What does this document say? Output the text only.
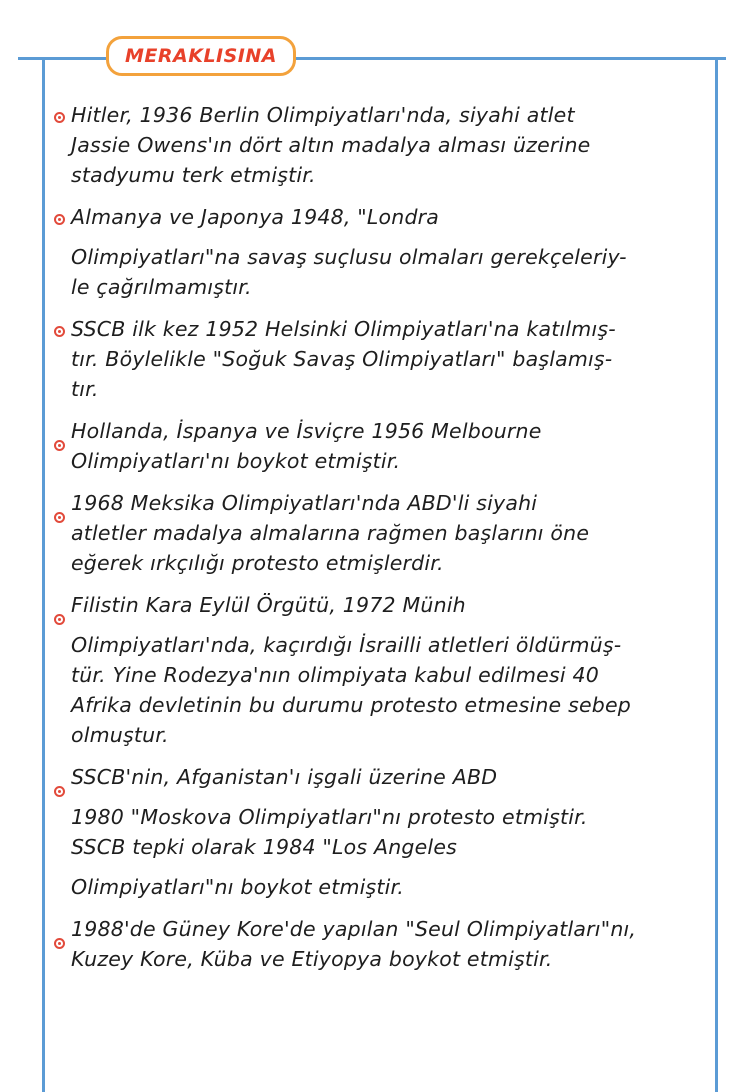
MERAKLISINA

Hitler, 1936 Berlin Olimpiyatları'nda, siyahi atlet

Jassie Owens'ın dört altın madalya alması üzerine

stadyumu terk etmiştir.

Almanya ve Japonya 1948, "Londra

Olimpiyatları"na savaş suçlusu olmaları gerekçeleriy-

le çağrılmamıştır.

SSCB ilk kez 1952 Helsinki Olimpiyatları'na katılmış-

tır. Böylelikle "Soğuk Savaş Olimpiyatları" başlamış-

tır.

Hollanda, İspanya ve İsviçre 1956 Melbourne

Olimpiyatları'nı boykot etmiştir.

1968 Meksika Olimpiyatları'nda ABD'li siyahi

atletler madalya almalarına rağmen başlarını öne

eğerek ırkçılığı protesto etmişlerdir.

Filistin Kara Eylül Örgütü, 1972 Münih

Olimpiyatları'nda, kaçırdığı İsrailli atletleri öldürmüş-

tür. Yine Rodezya'nın olimpiyata kabul edilmesi 40

Afrika devletinin bu durumu protesto etmesine sebep

olmuştur.

SSCB'nin, Afganistan'ı işgali üzerine ABD

1980 "Moskova Olimpiyatları"nı protesto etmiştir.

SSCB tepki olarak 1984 "Los Angeles

Olimpiyatları"nı boykot etmiştir.

1988'de Güney Kore'de yapılan "Seul Olimpiyatları"nı,

Kuzey Kore, Küba ve Etiyopya boykot etmiştir.
